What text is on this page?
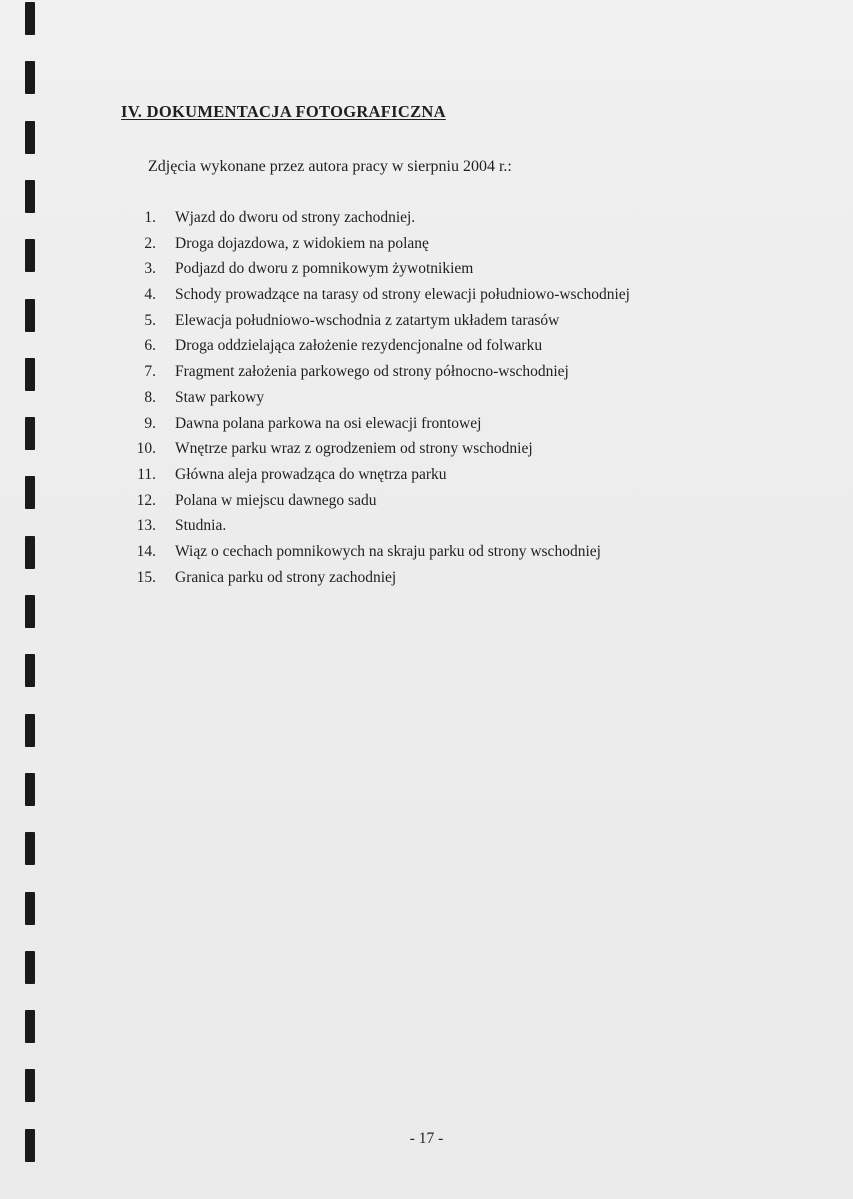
IV. DOKUMENTACJA FOTOGRAFICZNA

Zdjęcia wykonane przez autora pracy w sierpniu 2004 r.:

1. Wjazd do dworu od strony zachodniej.
2. Droga dojazdowa, z widokiem na polanę
3. Podjazd do dworu z pomnikowym żywotnikiem
4. Schody prowadzące na tarasy od strony elewacji południowo-wschodniej
5. Elewacja południowo-wschodnia z zatartym układem tarasów
6. Droga oddzielająca założenie rezydencjonalne od folwarku
7. Fragment założenia parkowego od strony północno-wschodniej
8. Staw parkowy
9. Dawna polana parkowa na osi elewacji frontowej
10. Wnętrze parku wraz z ogrodzeniem od strony wschodniej
11. Główna aleja prowadząca do wnętrza parku
12. Polana w miejscu dawnego sadu
13. Studnia.
14. Wiąz o cechach pomnikowych na skraju parku od strony wschodniej
15. Granica parku od strony zachodniej

- 17 -
